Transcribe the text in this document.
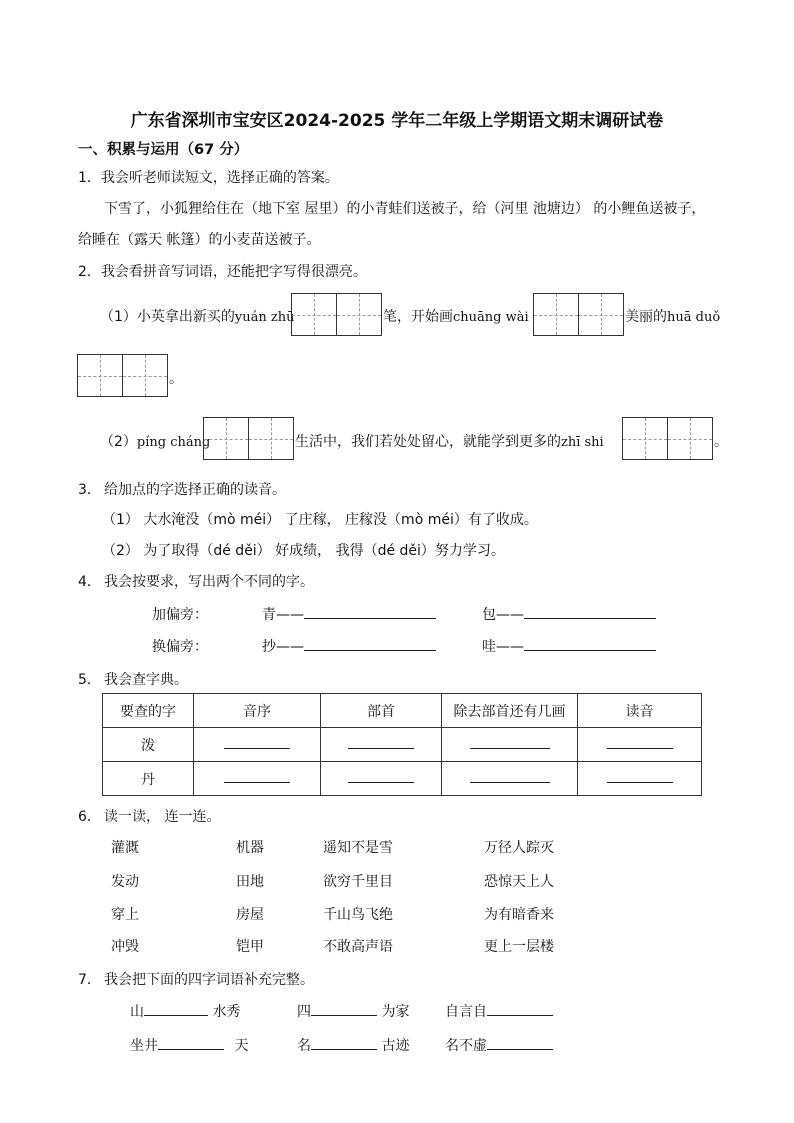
广东省深圳市宝安区2024-2025 学年二年级上学期语文期末调研试卷
一、积累与运用（67 分）
1．我会听老师读短文，选择正确的答案。
下雪了，小狐狸给住在（地下室 屋里）的小青蛙们送被子，给（河里 池塘边） 的小鲤鱼送被子，
给睡在（露天 帐篷）的小麦苗送被子。
2．我会看拼音写词语，还能把字写得很漂亮。
（1）小英拿出新买的yuán zhū	笔，开始画chuāng wài	美丽的huā duǒ
。
（2）píng cháng	生活中，我们若处处留心，就能学到更多的zhī shi	。
3． 给加点的字选择正确的读音。
（1） 大水淹没（mò méi） 了庄稼， 庄稼没（mò méi）有了收成。
（2） 为了取得（dé děi） 好成绩， 我得（dé děi）努力学习。
4． 我会按要求，写出两个不同的字。
加偏旁：	青——	包——
换偏旁：	抄——	哇——
5． 我会查字典。
要查的字	音序	部首	除去部首还有几画	读音
泼				
丹				
6． 读一读， 连一连。
灌溉	机器	遥知不是雪	万径人踪灭
发动	田地	欲穷千里目	恐惊天上人
穿上	房屋	千山鸟飞绝	为有暗香来
冲毁	铠甲	不敢高声语	更上一层楼
7． 我会把下面的四字词语补充完整。
山	水秀	四	为家	自言自
坐井	天	名	古迹	名不虚
